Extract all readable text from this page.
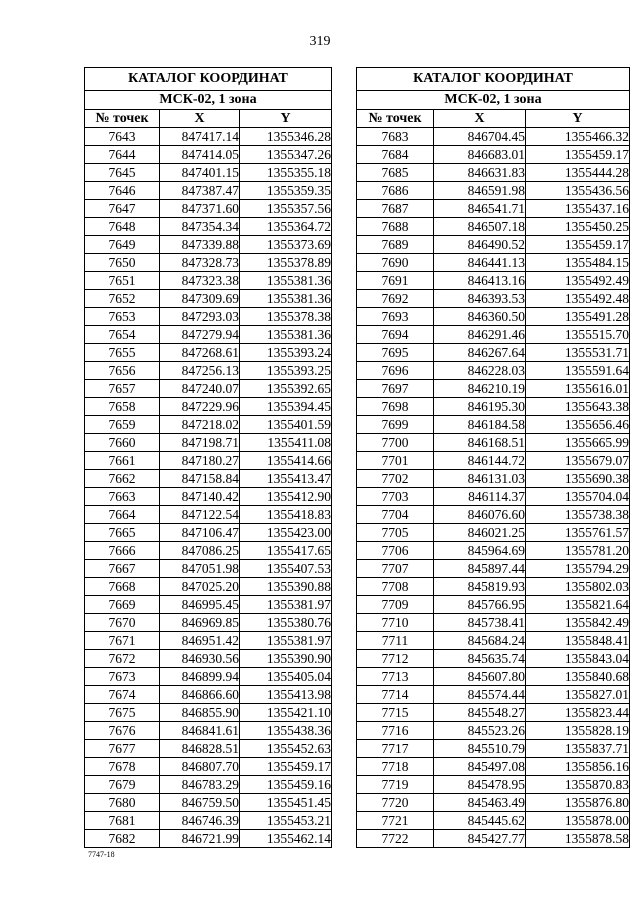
319
КАТАЛОГ КООРДИНАТ		
МСК-02, 1 зона		
№ точек	X	Y
7643	847417.14	1355346.28
7644	847414.05	1355347.26
7645	847401.15	1355355.18
7646	847387.47	1355359.35
7647	847371.60	1355357.56
7648	847354.34	1355364.72
7649	847339.88	1355373.69
7650	847328.73	1355378.89
7651	847323.38	1355381.36
7652	847309.69	1355381.36
7653	847293.03	1355378.38
7654	847279.94	1355381.36
7655	847268.61	1355393.24
7656	847256.13	1355393.25
7657	847240.07	1355392.65
7658	847229.96	1355394.45
7659	847218.02	1355401.59
7660	847198.71	1355411.08
7661	847180.27	1355414.66
7662	847158.84	1355413.47
7663	847140.42	1355412.90
7664	847122.54	1355418.83
7665	847106.47	1355423.00
7666	847086.25	1355417.65
7667	847051.98	1355407.53
7668	847025.20	1355390.88
7669	846995.45	1355381.97
7670	846969.85	1355380.76
7671	846951.42	1355381.97
7672	846930.56	1355390.90
7673	846899.94	1355405.04
7674	846866.60	1355413.98
7675	846855.90	1355421.10
7676	846841.61	1355438.36
7677	846828.51	1355452.63
7678	846807.70	1355459.17
7679	846783.29	1355459.16
7680	846759.50	1355451.45
7681	846746.39	1355453.21
7682	846721.99	1355462.14
КАТАЛОГ КООРДИНАТ		
МСК-02, 1 зона		
№ точек	X	Y
7683	846704.45	1355466.32
7684	846683.01	1355459.17
7685	846631.83	1355444.28
7686	846591.98	1355436.56
7687	846541.71	1355437.16
7688	846507.18	1355450.25
7689	846490.52	1355459.17
7690	846441.13	1355484.15
7691	846413.16	1355492.49
7692	846393.53	1355492.48
7693	846360.50	1355491.28
7694	846291.46	1355515.70
7695	846267.64	1355531.71
7696	846228.03	1355591.64
7697	846210.19	1355616.01
7698	846195.30	1355643.38
7699	846184.58	1355656.46
7700	846168.51	1355665.99
7701	846144.72	1355679.07
7702	846131.03	1355690.38
7703	846114.37	1355704.04
7704	846076.60	1355738.38
7705	846021.25	1355761.57
7706	845964.69	1355781.20
7707	845897.44	1355794.29
7708	845819.93	1355802.03
7709	845766.95	1355821.64
7710	845738.41	1355842.49
7711	845684.24	1355848.41
7712	845635.74	1355843.04
7713	845607.80	1355840.68
7714	845574.44	1355827.01
7715	845548.27	1355823.44
7716	845523.26	1355828.19
7717	845510.79	1355837.71
7718	845497.08	1355856.16
7719	845478.95	1355870.83
7720	845463.49	1355876.80
7721	845445.62	1355878.00
7722	845427.77	1355878.58
7747-18
